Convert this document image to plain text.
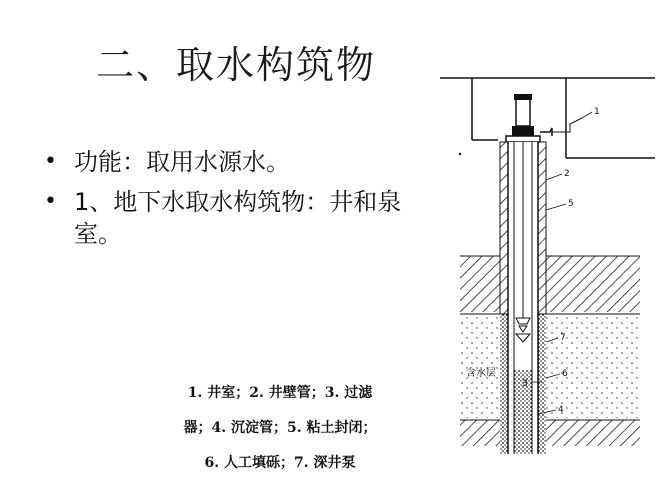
二、取水构筑物
• 功能：取用水源水。
• 1、地下水取水构筑物：井和泉室。
1. 井室；2. 井壁管；3. 过滤
器；4. 沉淀管；5. 粘土封闭；
6. 人工填砾；7. 深井泵
1
2
5
7
6
3
4
含水层
